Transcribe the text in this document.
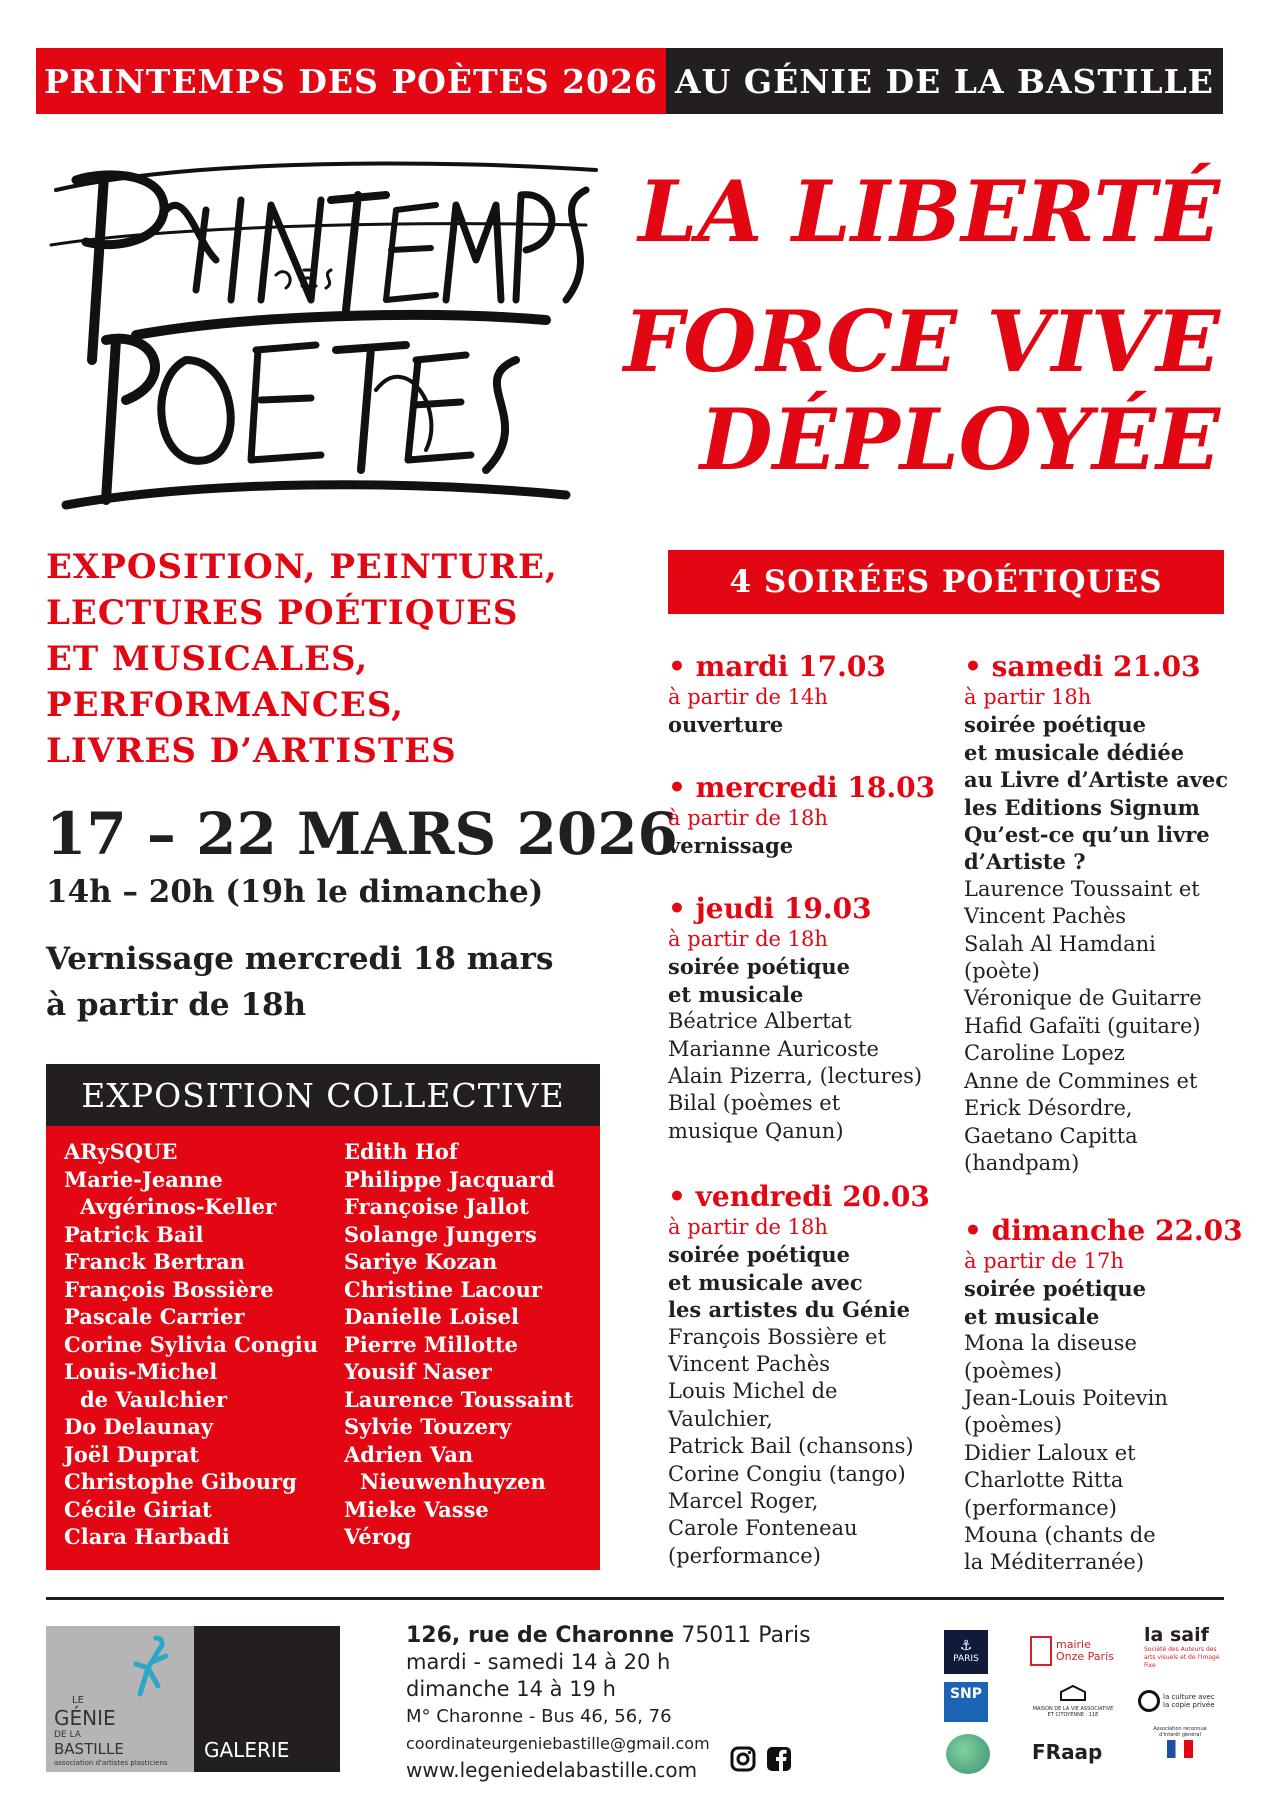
PRINTEMPS DES POÈTES 2026 AU GÉNIE DE LA BASTILLE
LA LIBERTÉ
FORCE VIVE
DÉPLOYÉE
EXPOSITION, PEINTURE,
LECTURES POÉTIQUES
ET MUSICALES,
PERFORMANCES,
LIVRES D’ARTISTES
17 – 22 MARS 2026
14h – 20h (19h le dimanche)
Vernissage mercredi 18 mars
à partir de 18h
EXPOSITION COLLECTIVE
ARySQUE
Marie-Jeanne
Avgérinos-Keller
Patrick Bail
Franck Bertran
François Bossière
Pascale Carrier
Corine Sylivia Congiu
Louis-Michel
de Vaulchier
Do Delaunay
Joël Duprat
Christophe Gibourg
Cécile Giriat
Clara Harbadi
Edith Hof
Philippe Jacquard
Françoise Jallot
Solange Jungers
Sariye Kozan
Christine Lacour
Danielle Loisel
Pierre Millotte
Yousif Naser
Laurence Toussaint
Sylvie Touzery
Adrien Van
Nieuwenhuyzen
Mieke Vasse
Vérog
4 SOIRÉES POÉTIQUES
• mardi 17.03
à partir de 14h
ouverture
• mercredi 18.03
à partir de 18h
vernissage
• jeudi 19.03
à partir de 18h
soirée poétique
et musicale
Béatrice Albertat
Marianne Auricoste
Alain Pizerra, (lectures)
Bilal (poèmes et
musique Qanun)
• vendredi 20.03
à partir de 18h
soirée poétique
et musicale avec
les artistes du Génie
François Bossière et
Vincent Pachès
Louis Michel de
Vaulchier,
Patrick Bail (chansons)
Corine Congiu (tango)
Marcel Roger,
Carole Fonteneau
(performance)
• samedi 21.03
à partir 18h
soirée poétique
et musicale dédiée
au Livre d’Artiste avec
les Editions Signum
Qu’est-ce qu’un livre
d’Artiste ?
Laurence Toussaint et
Vincent Pachès
Salah Al Hamdani
(poète)
Véronique de Guitarre
Hafid Gafaïti (guitare)
Caroline Lopez
Anne de Commines et
Erick Désordre,
Gaetano Capitta
(handpam)
• dimanche 22.03
à partir de 17h
soirée poétique
et musicale
Mona la diseuse
(poèmes)
Jean-Louis Poitevin
(poèmes)
Didier Laloux et
Charlotte Ritta
(performance)
Mouna (chants de
la Méditerranée)
LE
GÉNIE
DE LA
BASTILLE
association d'artistes plasticiens
GALERIE
126, rue de Charonne 75011 Paris
mardi - samedi 14 à 20 h
dimanche 14 à 19 h
M° Charonne - Bus 46, 56, 76
coordinateurgeniebastille@gmail.com
www.legeniedelabastille.com
⚓
PARIS
mairie Onze Paris
la saif
Société des Auteurs des arts visuels et de l'Image Fixe
SNP
MAISON DE LA VIE ASSOCIATIVE ET CITOYENNE · 11E
la culture avec la copie privée
FRaap
Association reconnue d'intérêt général
